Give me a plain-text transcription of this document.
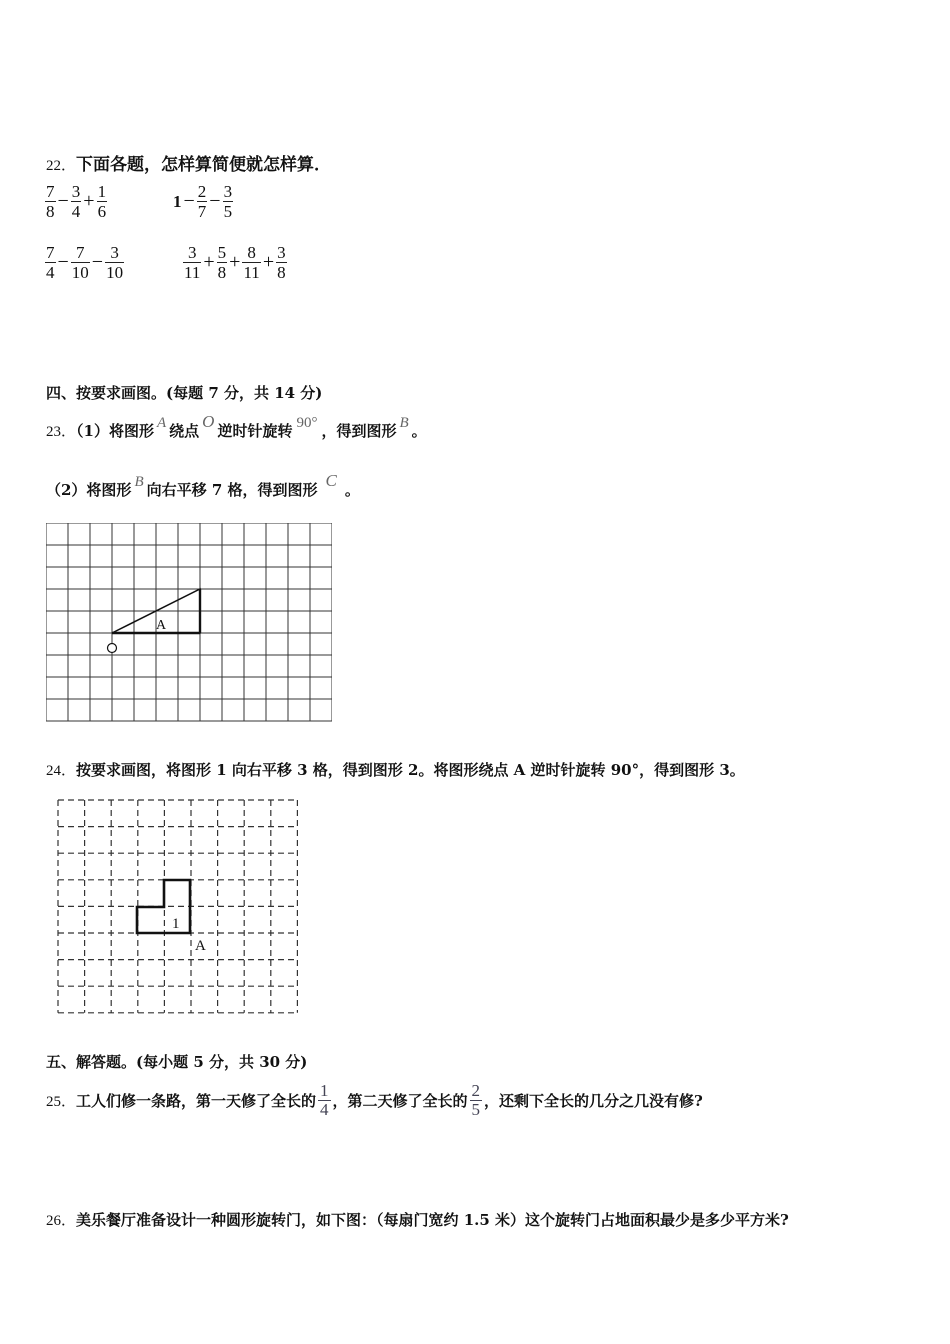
22．下面各题，怎样算简便就怎样算．
$\frac{7}{8} - \frac{3}{4} + \frac{1}{6}$	$1 - \frac{2}{7} - \frac{3}{5}$
$\frac{7}{4} - \frac{7}{10} - \frac{3}{10}$	$\frac{3}{11} + \frac{5}{8} + \frac{8}{11} + \frac{3}{8}$
四、按要求画图。(每题 7 分，共 14 分)
23．（1）将图形 A 绕点 O 逆时针旋转 90° ，得到图形 B 。
（2）将图形 B 向右平移 7 格，得到图形 C 。
A
24．按要求画图，将图形 1 向右平移 3 格，得到图形 2。将图形绕点 A 逆时针旋转 90°，得到图形 3。
1
A
五、解答题。(每小题 5 分，共 30 分)
25． 工人们修一条路，第一天修了全长的 $\frac{1}{4}$ ，第二天修了全长的 $\frac{2}{5}$ ，还剩下全长的几分之几没有修?
26．美乐餐厅准备设计一种圆形旋转门，如下图：（每扇门宽约 1.5 米）这个旋转门占地面积最少是多少平方米?
